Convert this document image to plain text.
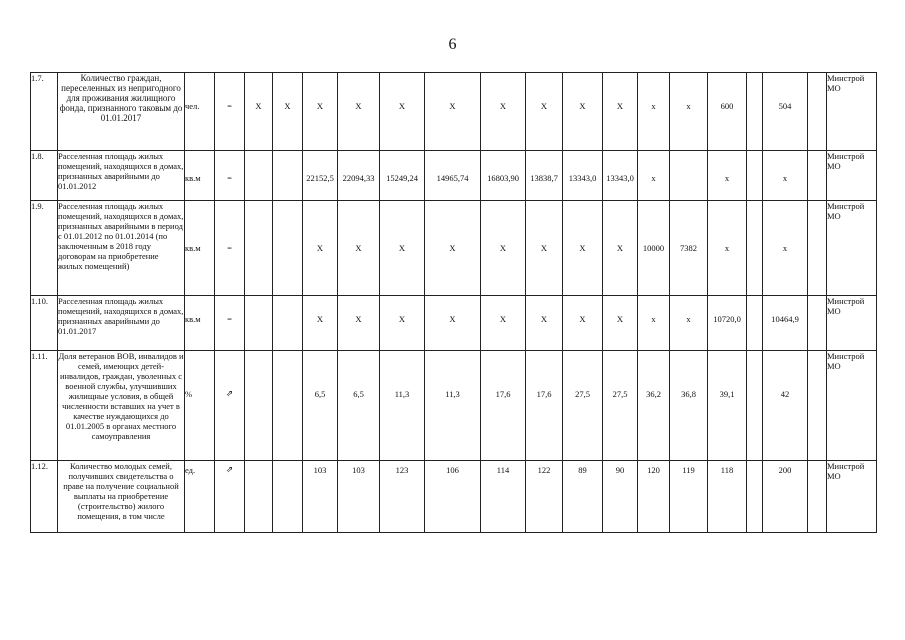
6
1.7.	Количество граждан, переселенных из непригодного для проживания жилищного фонда, признанного таковым до 01.01.2017	чел.	=	X	X	X	X	X	X	X	X	X	X	x	x	600		504		Минстрой МО
1.8.	Расселенная площадь жилых помещений, находящихся в домах, признанных аварийными до 01.01.2012	кв.м	=			22152,5	22094,33	15249,24	14965,74	16803,90	13838,7	13343,0	13343,0	x		x		x		Минстрой МО
1.9.	Расселенная площадь жилых помещений, находящихся в домах, признанных аварийными в период с 01.01.2012 по 01.01.2014 (по заключенным в 2018 году договорам на приобретение жилых помещений)	кв.м	=			X	X	X	X	X	X	X	X	10000	7382	x		x		Минстрой МО
1.10.	Расселенная площадь жилых помещений, находящихся в домах, признанных аварийными до 01.01.2017	кв.м	=			X	X	X	X	X	X	X	X	x	x	10720,0		10464,9		Минстрой МО
1.11.	Доля ветеранов ВОВ, инвалидов и семей, имеющих детей-инвалидов, граждан, уволенных с военной службы, улучшивших жилищные условия, в общей численности вставших на учет в качестве нуждающихся до 01.01.2005 в органах местного самоуправления	%	⇗			6,5	6,5	11,3	11,3	17,6	17,6	27,5	27,5	36,2	36,8	39,1		42		Минстрой МО
1.12.	Количество молодых семей, получивших свидетельства о праве на получение социальной выплаты на приобретение (строительство) жилого помещения, в том числе	ед.	⇗			103	103	123	106	114	122	89	90	120	119	118		200		Минстрой МО
